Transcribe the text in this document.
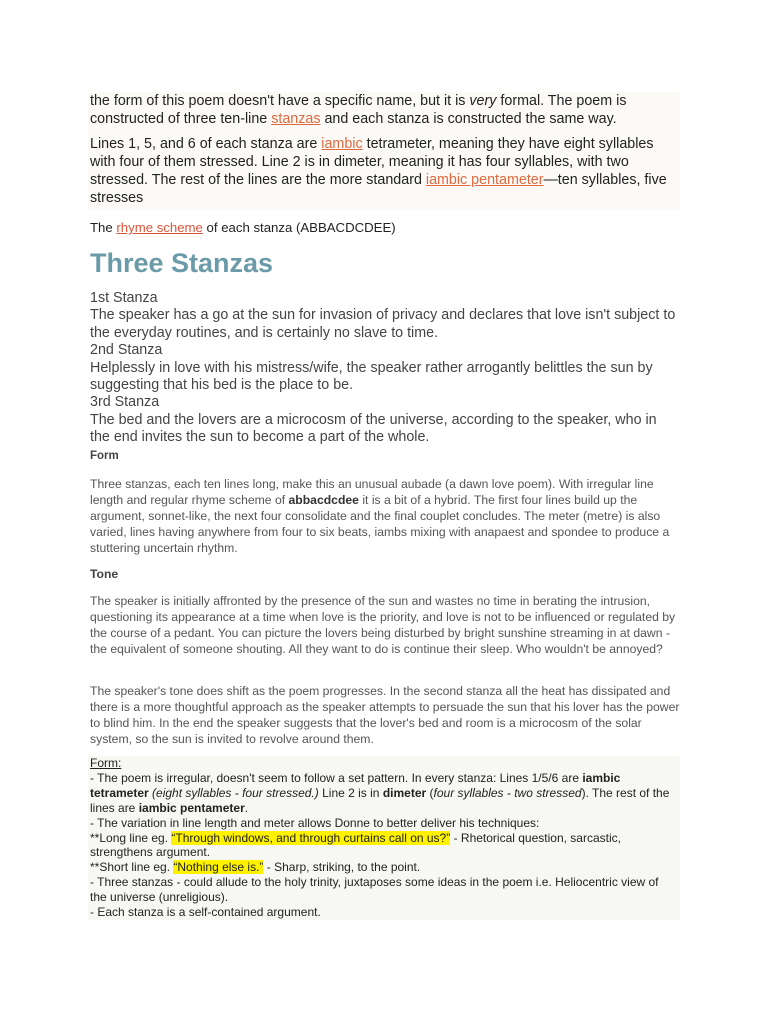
the form of this poem doesn't have a specific name, but it is very formal. The poem is constructed of three ten-line stanzas and each stanza is constructed the same way.

Lines 1, 5, and 6 of each stanza are iambic tetrameter, meaning they have eight syllables with four of them stressed. Line 2 is in dimeter, meaning it has four syllables, with two stressed. The rest of the lines are the more standard iambic pentameter—ten syllables, five stresses

The rhyme scheme of each stanza (ABBACDCDEE)
Three Stanzas
1st Stanza
The speaker has a go at the sun for invasion of privacy and declares that love isn't subject to the everyday routines, and is certainly no slave to time.
2nd Stanza
Helplessly in love with his mistress/wife, the speaker rather arrogantly belittles the sun by suggesting that his bed is the place to be.
3rd Stanza
The bed and the lovers are a microcosm of the universe, according to the speaker, who in the end invites the sun to become a part of the whole.
Form

Three stanzas, each ten lines long, make this an unusual aubade (a dawn love poem). With irregular line length and regular rhyme scheme of abbacdcdee it is a bit of a hybrid. The first four lines build up the argument, sonnet-like, the next four consolidate and the final couplet concludes. The meter (metre) is also varied, lines having anywhere from four to six beats, iambs mixing with anapaest and spondee to produce a stuttering uncertain rhythm.

Tone

The speaker is initially affronted by the presence of the sun and wastes no time in berating the intrusion, questioning its appearance at a time when love is the priority, and love is not to be influenced or regulated by the course of a pedant. You can picture the lovers being disturbed by bright sunshine streaming in at dawn - the equivalent of someone shouting. All they want to do is continue their sleep. Who wouldn't be annoyed?

The speaker's tone does shift as the poem progresses. In the second stanza all the heat has dissipated and there is a more thoughtful approach as the speaker attempts to persuade the sun that his lover has the power to blind him. In the end the speaker suggests that the lover's bed and room is a microcosm of the solar system, so the sun is invited to revolve around them.

Form:
- The poem is irregular, doesn't seem to follow a set pattern. In every stanza: Lines 1/5/6 are iambic tetrameter (eight syllables - four stressed.) Line 2 is in dimeter (four syllables - two stressed). The rest of the lines are iambic pentameter.
- The variation in line length and meter allows Donne to better deliver his techniques:
**Long line eg. “Through windows, and through curtains call on us?” - Rhetorical question, sarcastic, strengthens argument.
**Short line eg. “Nothing else is.” - Sharp, striking, to the point.
- Three stanzas - could allude to the holy trinity, juxtaposes some ideas in the poem i.e. Heliocentric view of the universe (unreligious).
- Each stanza is a self-contained argument.
